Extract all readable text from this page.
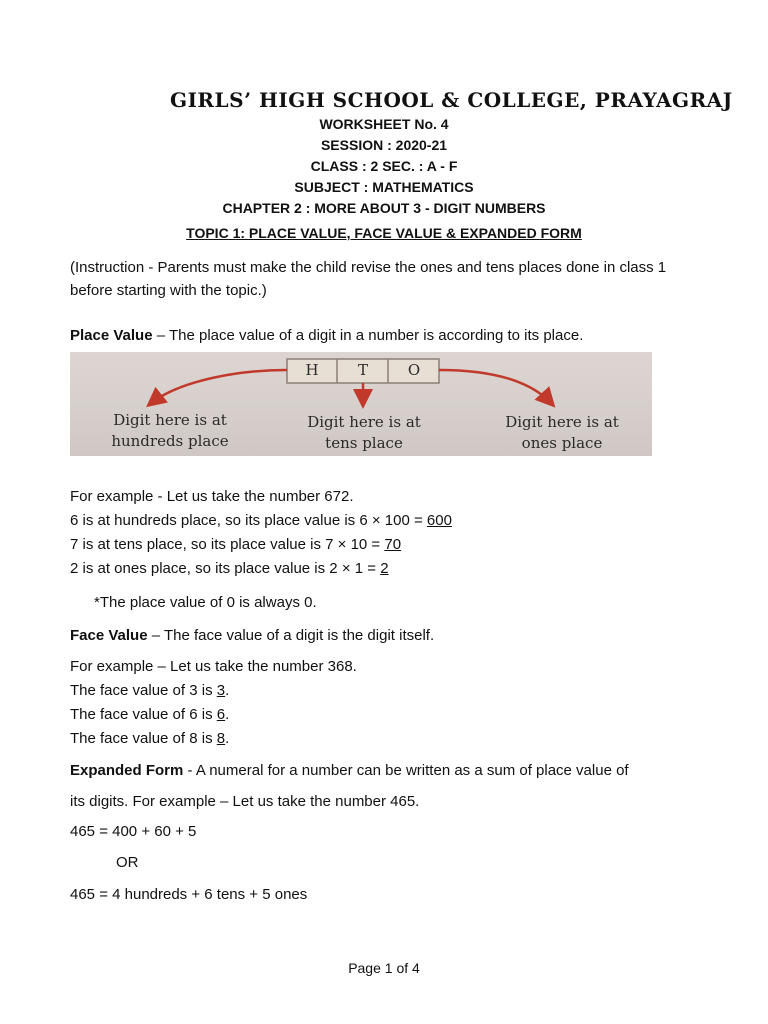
GIRLS’ HIGH SCHOOL & COLLEGE, PRAYAGRAJ
WORKSHEET No. 4
SESSION : 2020-21
CLASS : 2 SEC. : A - F
SUBJECT : MATHEMATICS
CHAPTER 2 : MORE ABOUT 3 - DIGIT NUMBERS
TOPIC 1: PLACE VALUE, FACE VALUE & EXPANDED FORM
(Instruction - Parents must make the child revise the ones and tens places done in class 1
before starting with the topic.)
Place Value – The place value of a digit in a number is according to its place.
H	T	O
Digit here is at
hundreds place
Digit here is at
tens place
Digit here is at
ones place
For example - Let us take the number 672.
6 is at hundreds place, so its place value is 6 × 100 = 600
7 is at tens place, so its place value is 7 × 10 = 70
2 is at ones place, so its place value is 2 × 1 = 2
*The place value of 0 is always 0.
Face Value – The face value of a digit is the digit itself.
For example – Let us take the number 368.
The face value of 3 is 3.
The face value of 6 is 6.
The face value of 8 is 8.
Expanded Form - A numeral for a number can be written as a sum of place value of
its digits. For example – Let us take the number 465.
465 = 400 + 60 + 5
OR
465 = 4 hundreds + 6 tens + 5 ones
Page 1 of 4
